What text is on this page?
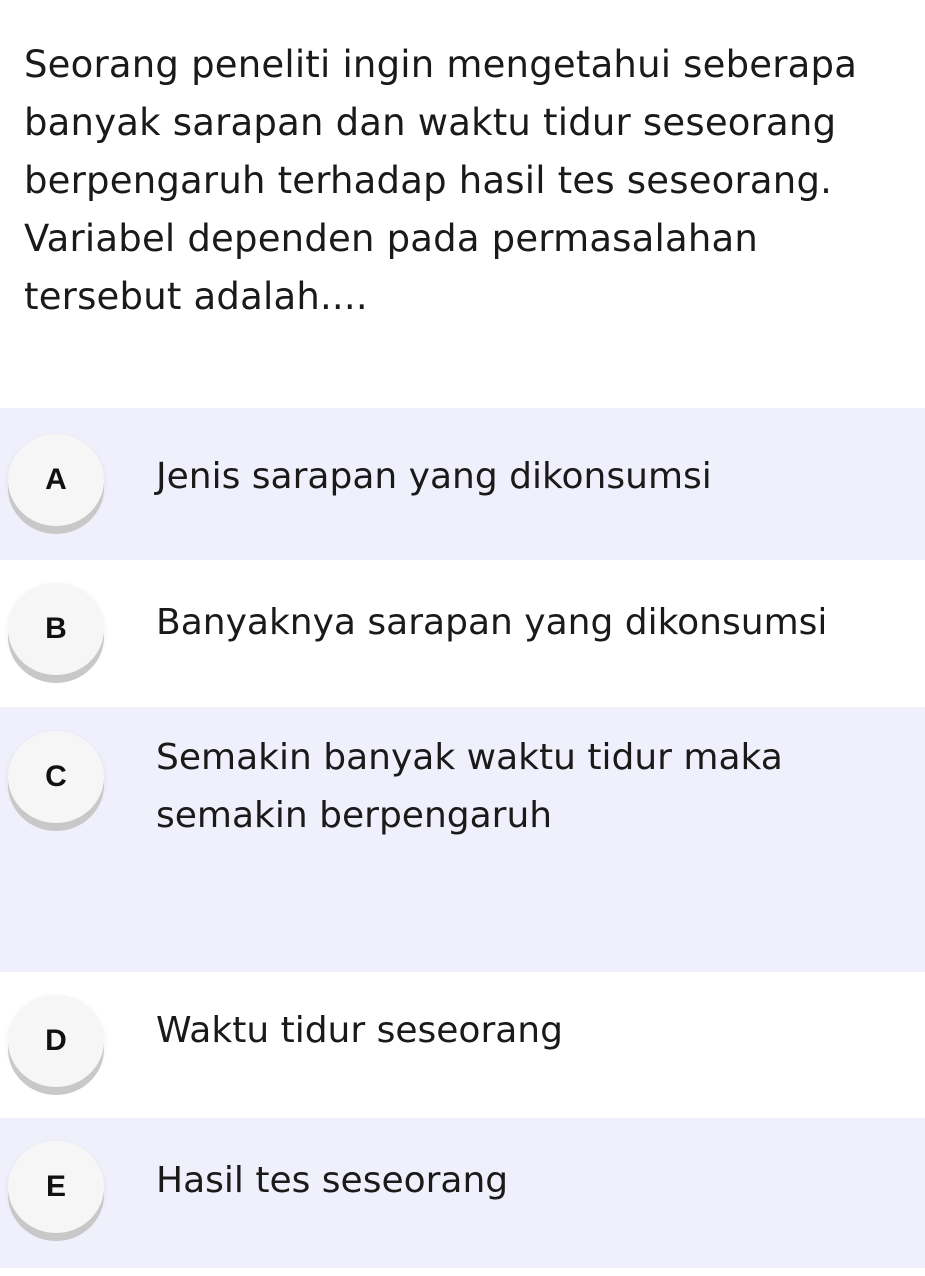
Seorang peneliti ingin mengetahui seberapa banyak sarapan dan waktu tidur seseorang berpengaruh terhadap hasil tes seseorang. Variabel dependen pada permasalahan tersebut adalah....
Jenis sarapan yang dikonsumsi
Banyaknya sarapan yang dikonsumsi
Semakin banyak waktu tidur maka semakin berpengaruh
Waktu tidur seseorang
Hasil tes seseorang
A
B
C
D
E
